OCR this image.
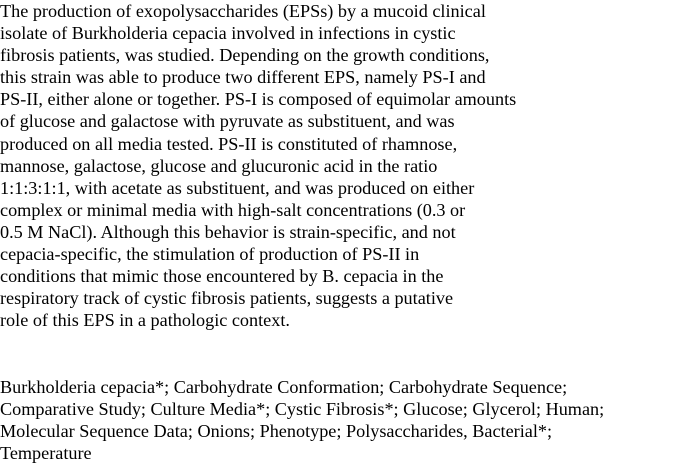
The production of exopolysaccharides (EPSs) by a mucoid clinical
isolate of Burkholderia cepacia involved in infections in cystic
fibrosis patients, was studied. Depending on the growth conditions,
this strain was able to produce two different EPS, namely PS-I and
PS-II, either alone or together. PS-I is composed of equimolar amounts
of glucose and galactose with pyruvate as substituent, and was
produced on all media tested. PS-II is constituted of rhamnose,
mannose, galactose, glucose and glucuronic acid in the ratio
1:1:3:1:1, with acetate as substituent, and was produced on either
complex or minimal media with high-salt concentrations (0.3 or
0.5 M NaCl). Although this behavior is strain-specific, and not
cepacia-specific, the stimulation of production of PS-II in
conditions that mimic those encountered by B. cepacia in the
respiratory track of cystic fibrosis patients, suggests a putative
role of this EPS in a pathologic context.
Burkholderia cepacia*; Carbohydrate Conformation; Carbohydrate Sequence;
Comparative Study; Culture Media*; Cystic Fibrosis*; Glucose; Glycerol; Human;
Molecular Sequence Data; Onions; Phenotype; Polysaccharides, Bacterial*;
Temperature
